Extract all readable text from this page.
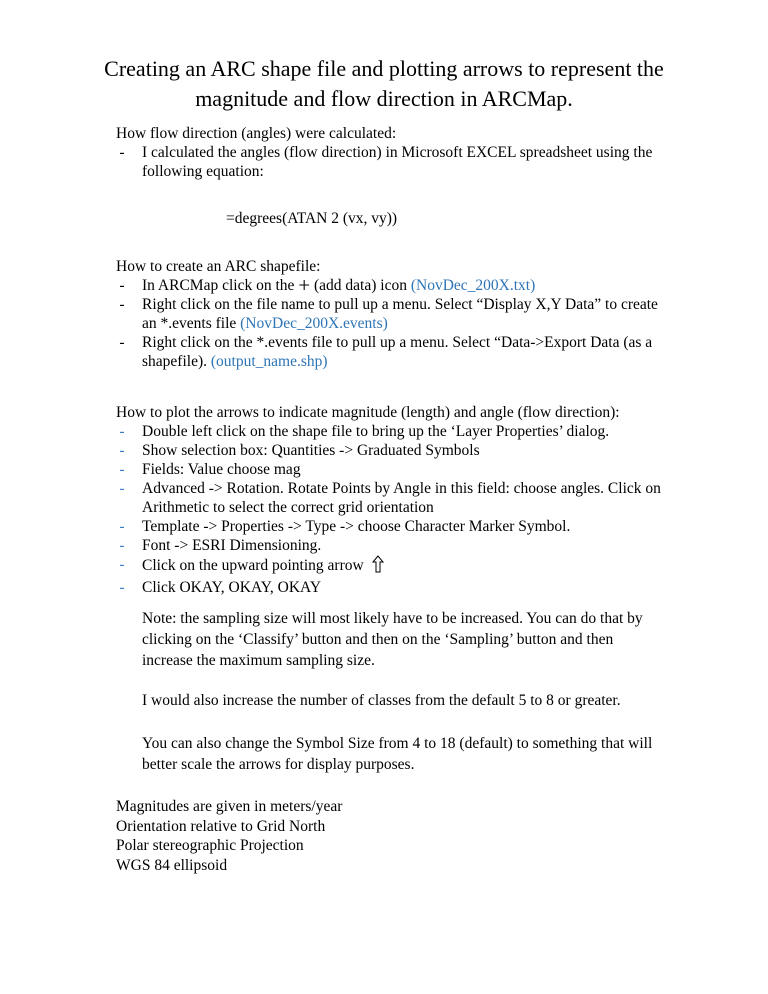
Creating an ARC shape file and plotting arrows to represent the magnitude and flow direction in ARCMap.
How flow direction (angles) were calculated:
- I calculated the angles (flow direction) in Microsoft EXCEL spreadsheet using the following equation:
=degrees(ATAN 2 (vx, vy))
How to create an ARC shapefile:
- In ARCMap click on the + (add data) icon (NovDec_200X.txt)
- Right click on the file name to pull up a menu. Select “Display X,Y Data” to create an *.events file (NovDec_200X.events)
- Right click on the *.events file to pull up a menu. Select “Data->Export Data (as a shapefile). (output_name.shp)
How to plot the arrows to indicate magnitude (length) and angle (flow direction):
- Double left click on the shape file to bring up the ‘Layer Properties’ dialog.
- Show selection box: Quantities -> Graduated Symbols
- Fields: Value choose mag
- Advanced -> Rotation. Rotate Points by Angle in this field: choose angles. Click on Arithmetic to select the correct grid orientation
- Template -> Properties -> Type -> choose Character Marker Symbol.
- Font -> ESRI Dimensioning.
- Click on the upward pointing arrow
- Click OKAY, OKAY, OKAY
Note: the sampling size will most likely have to be increased. You can do that by clicking on the ‘Classify’ button and then on the ‘Sampling’ button and then increase the maximum sampling size.
I would also increase the number of classes from the default 5 to 8 or greater.
You can also change the Symbol Size from 4 to 18 (default) to something that will better scale the arrows for display purposes.
Magnitudes are given in meters/year
Orientation relative to Grid North
Polar stereographic Projection
WGS 84 ellipsoid
